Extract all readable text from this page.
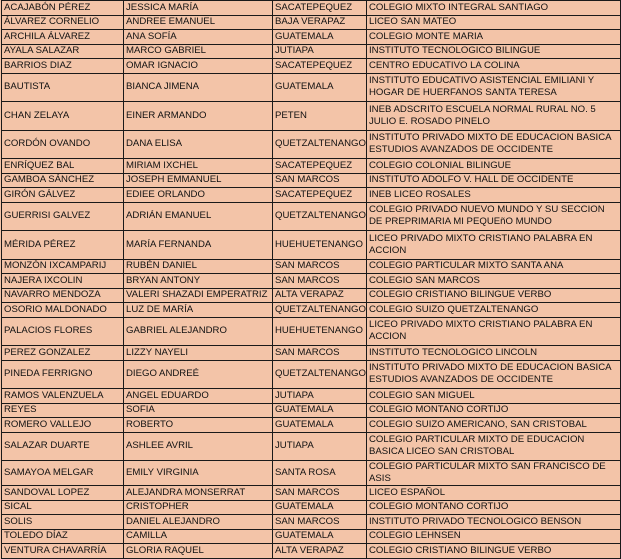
ACAJABÓN PÉREZ	JESSICA MARÍA	SACATEPEQUEZ	COLEGIO MIXTO INTEGRAL SANTIAGO
ÁLVAREZ CORNELIO	ANDREE EMANUEL	BAJA VERAPAZ	LICEO SAN MATEO
ARCHILA ÁLVAREZ	ANA SOFÍA	GUATEMALA	COLEGIO MONTE MARIA
AYALA SALAZAR	MARCO GABRIEL	JUTIAPA	INSTITUTO TECNOLOGICO BILINGUE
BARRIOS DIAZ	OMAR IGNACIO	SACATEPEQUEZ	CENTRO EDUCATIVO LA COLINA
BAUTISTA	BIANCA JIMENA	GUATEMALA	INSTITUTO EDUCATIVO ASISTENCIAL EMILIANI Y HOGAR DE HUERFANOS SANTA TERESA
CHAN ZELAYA	EINER ARMANDO	PETEN	INEB ADSCRITO ESCUELA NORMAL RURAL NO. 5 JULIO E. ROSADO PINELO
CORDÓN OVANDO	DANA ELISA	QUETZALTENANGO	INSTITUTO PRIVADO MIXTO DE EDUCACION BASICA ESTUDIOS AVANZADOS DE OCCIDENTE
ENRÍQUEZ BAL	MIRIAM IXCHEL	SACATEPEQUEZ	COLEGIO COLONIAL BILINGUE
GAMBOA SÁNCHEZ	JOSEPH EMMANUEL	SAN MARCOS	INSTITUTO ADOLFO V. HALL DE OCCIDENTE
GIRÓN GÁLVEZ	EDIEE ORLANDO	SACATEPEQUEZ	INEB LICEO ROSALES
GUERRISI GALVEZ	ADRIÁN EMANUEL	QUETZALTENANGO	COLEGIO PRIVADO NUEVO MUNDO Y SU SECCION DE PREPRIMARIA MI PEQUEñO MUNDO
MÉRIDA PÉREZ	MARÍA FERNANDA	HUEHUETENANGO	LICEO PRIVADO MIXTO CRISTIANO PALABRA EN ACCION
MONZÓN IXCAMPARIJ	RUBÉN DANIEL	SAN MARCOS	COLEGIO PARTICULAR MIXTO SANTA ANA
NAJERA IXCOLIN	BRYAN ANTONY	SAN MARCOS	COLEGIO SAN MARCOS
NAVARRO MENDOZA	VALERI SHAZADI EMPERATRIZ	ALTA VERAPAZ	COLEGIO CRISTIANO BILINGUE VERBO
OSORIO MALDONADO	LUZ DE MARÍA	QUETZALTENANGO	COLEGIO SUIZO QUETZALTENANGO
PALACIOS FLORES	GABRIEL ALEJANDRO	HUEHUETENANGO	LICEO PRIVADO MIXTO CRISTIANO PALABRA EN ACCION
PEREZ GONZALEZ	LIZZY NAYELI	SAN MARCOS	INSTITUTO TECNOLOGICO LINCOLN
PINEDA FERRIGNO	DIEGO ANDREÉ	QUETZALTENANGO	INSTITUTO PRIVADO MIXTO DE EDUCACION BASICA ESTUDIOS AVANZADOS DE OCCIDENTE
RAMOS VALENZUELA	ANGEL EDUARDO	JUTIAPA	COLEGIO SAN MIGUEL
REYES	SOFIA	GUATEMALA	COLEGIO MONTANO CORTIJO
ROMERO VALLEJO	ROBERTO	GUATEMALA	COLEGIO SUIZO AMERICANO, SAN CRISTOBAL
SALAZAR DUARTE	ASHLEE AVRIL	JUTIAPA	COLEGIO PARTICULAR MIXTO DE EDUCACION BASICA LICEO SAN CRISTOBAL
SAMAYOA MELGAR	EMILY VIRGINIA	SANTA ROSA	COLEGIO PARTICULAR MIXTO SAN FRANCISCO DE ASIS
SANDOVAL LOPEZ	ALEJANDRA MONSERRAT	SAN MARCOS	LICEO ESPAÑOL
SICAL	CRISTOPHER	GUATEMALA	COLEGIO MONTANO CORTIJO
SOLIS	DANIEL ALEJANDRO	SAN MARCOS	INSTITUTO PRIVADO TECNOLOGICO BENSON
TOLEDO DÍAZ	CAMILLA	GUATEMALA	COLEGIO LEHNSEN
VENTURA CHAVARRÍA	GLORIA RAQUEL	ALTA VERAPAZ	COLEGIO CRISTIANO BILINGUE VERBO
